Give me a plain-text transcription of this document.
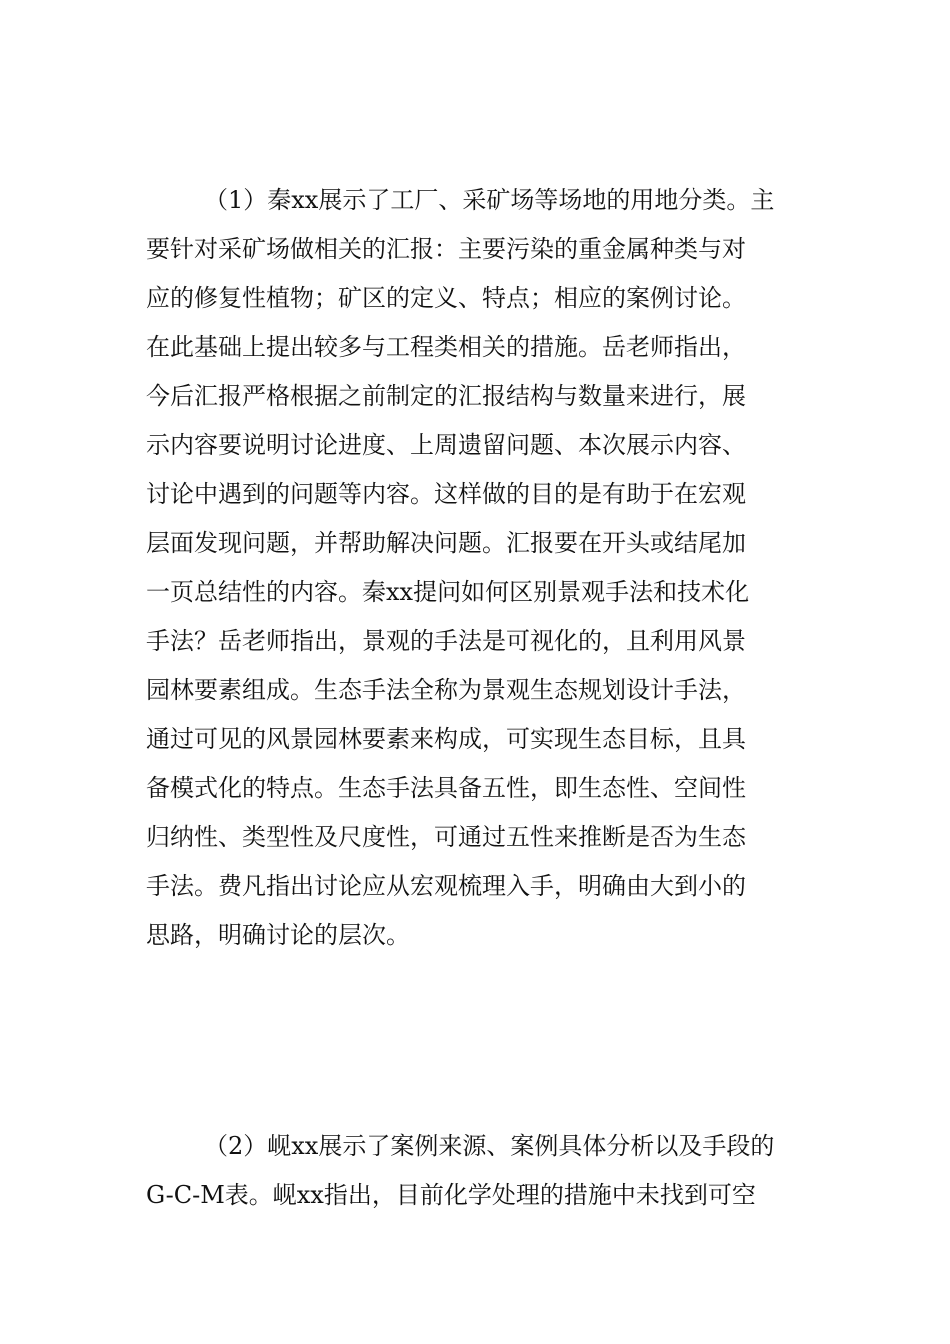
（1）秦xx展示了工厂、采矿场等场地的用地分类。主
要针对采矿场做相关的汇报：主要污染的重金属种类与对
应的修复性植物；矿区的定义、特点；相应的案例讨论。
在此基础上提出较多与工程类相关的措施。岳老师指出，
今后汇报严格根据之前制定的汇报结构与数量来进行，展
示内容要说明讨论进度、上周遗留问题、本次展示内容、
讨论中遇到的问题等内容。这样做的目的是有助于在宏观
层面发现问题，并帮助解决问题。汇报要在开头或结尾加
一页总结性的内容。秦xx提问如何区别景观手法和技术化
手法？岳老师指出，景观的手法是可视化的，且利用风景
园林要素组成。生态手法全称为景观生态规划设计手法，
通过可见的风景园林要素来构成，可实现生态目标，且具
备模式化的特点。生态手法具备五性，即生态性、空间性
归纳性、类型性及尺度性，可通过五性来推断是否为生态
手法。费凡指出讨论应从宏观梳理入手，明确由大到小的
思路，明确讨论的层次。
（2）岘xx展示了案例来源、案例具体分析以及手段的
G-C-M表。岘xx指出，目前化学处理的措施中未找到可空
